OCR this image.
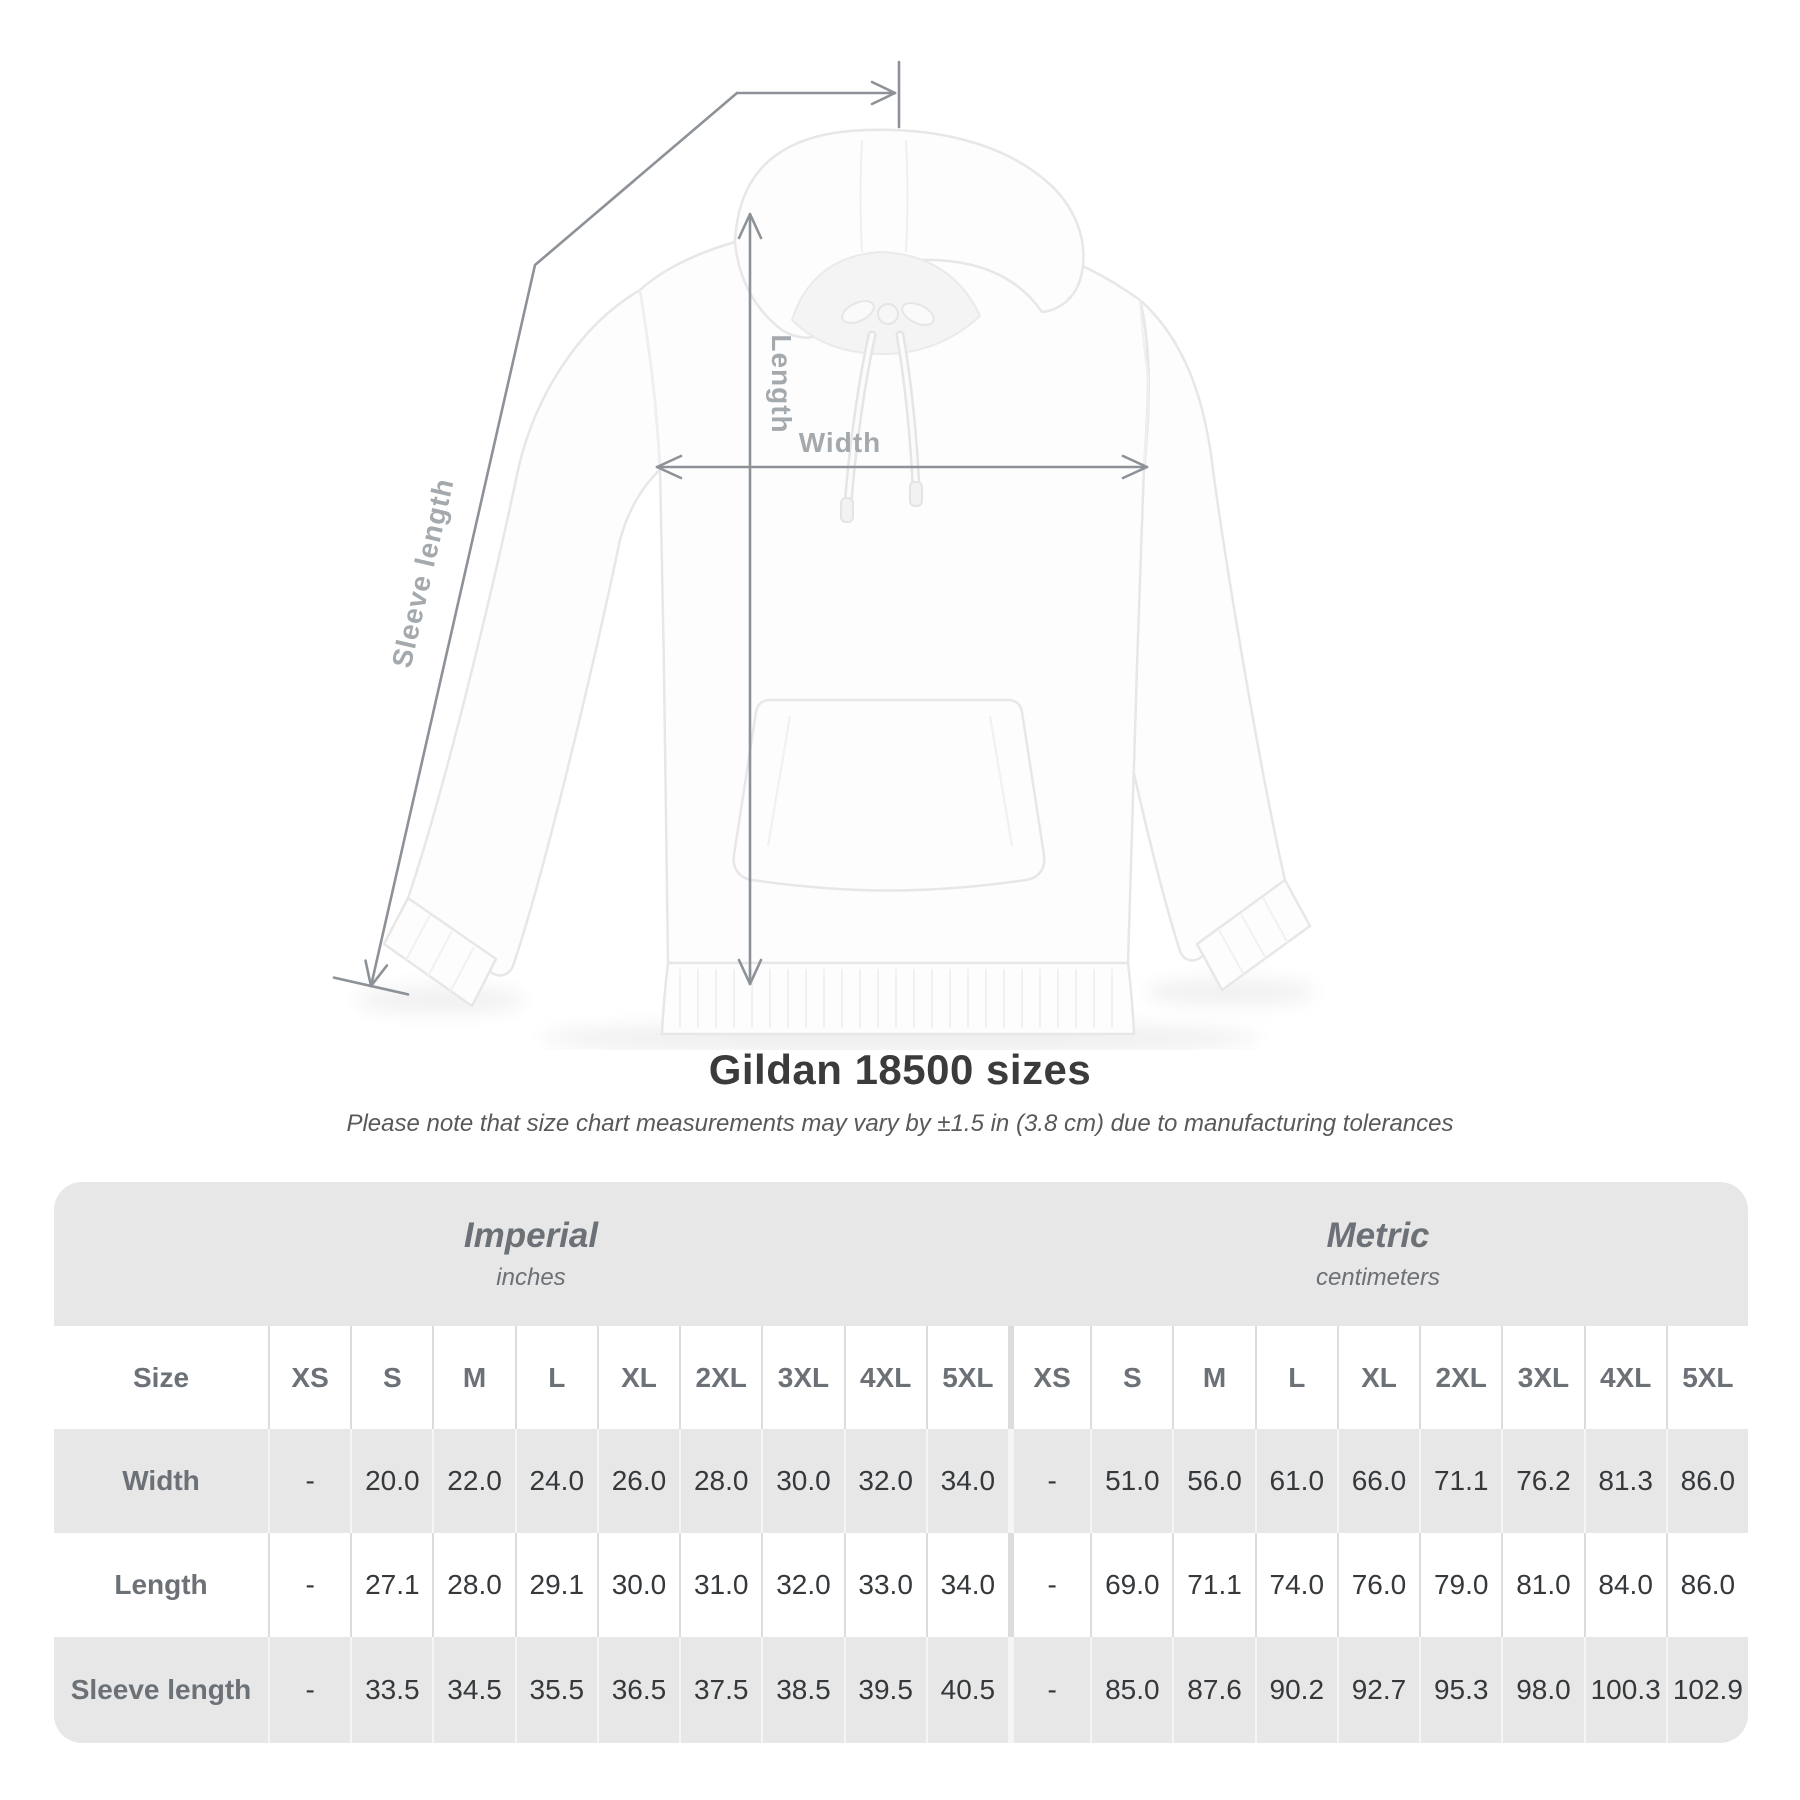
Sleeve length
Length
Width
Gildan 18500 sizes

Please note that size chart measurements may vary by ±1.5 in (3.8 cm) due to manufacturing tolerances

Imperial
inches
Metric
centimeters
Size	XS	S	M	L	XL	2XL	3XL	4XL	5XL	XS	S	M	L	XL	2XL	3XL	4XL	5XL
Width	-	20.0 22.0 24.0 26.0 28.0 30.0 32.0 34.0	-	51.0 56.0 61.0 66.0 71.1 76.2 81.3 86.0
Length	-	27.1 28.0 29.1 30.0 31.0 32.0 33.0 34.0	-	69.0 71.1 74.0 76.0 79.0 81.0 84.0 86.0
Sleeve length	-	33.5 34.5 35.5 36.5 37.5 38.5 39.5 40.5	-	85.0 87.6 90.2 92.7 95.3 98.0 100.3 102.9
